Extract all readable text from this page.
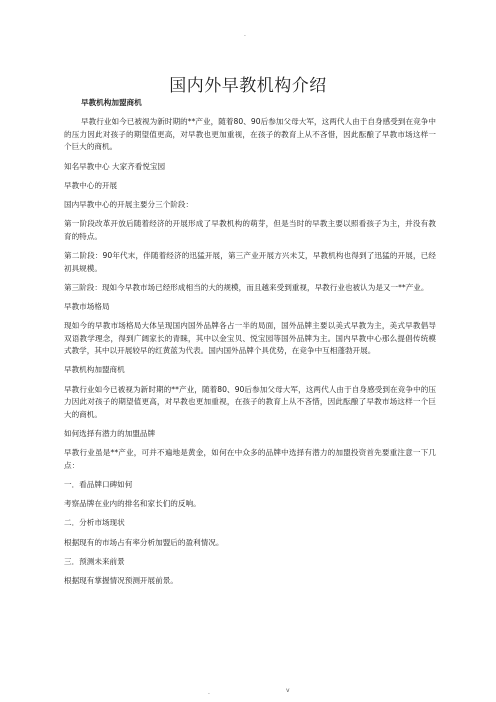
.
国内外早教机构介绍

早教机构加盟商机

早教行业如今已被视为新时期的**产业，随着80、90后参加父母大军，这两代人由于自身感受到在竞争中的压力因此对孩子的期望值更高，对早教也更加重视，在孩子的教育上从不吝惜，因此酝酿了早教市场这样一个巨大的商机。

知名早教中心 大家齐看悦宝园

早教中心的开展

国内早教中心的开展主要分三个阶段：

第一阶段改革开放后随着经济的开展形成了早教机构的萌芽，但是当时的早教主要以照看孩子为主，并没有教育的特点。

第二阶段：90年代末，伴随着经济的迅猛开展，第三产业开展方兴未艾，早教机构也得到了迅猛的开展，已经初具规模。

第三阶段：现如今早教市场已经形成相当的大的规模，而且越来受到重视，早教行业也被认为是又一**产业。

早教市场格局

现如今的早教市场格局大体呈现国内国外品牌各占一半的局面，国外品牌主要以美式早教为主，美式早教倡导双语教学理念，得到广阔家长的青睐，其中以金宝贝、悦宝园等国外品牌为主。国内早教中心那么提倡传统模式教学，其中以开展较早的红黄蓝为代表。国内国外品牌个具优势，在竞争中互相蓬勃开展。

早教机构加盟商机

早教行业如今已被视为新时期的**产业，随着80、90后参加父母大军，这两代人由于自身感受到在竞争中的压力因此对孩子的期望值更高，对早教也更加重视，在孩子的教育上从不吝惜，因此酝酿了早教市场这样一个巨大的商机。

如何选择有潜力的加盟品牌

早教行业虽是**产业，可并不遍地是黄金，如何在中众多的品牌中选择有潜力的加盟投资首先要重注意一下几点：

一．看品牌口碑如何

考察品牌在业内的排名和家长们的反响。

二．分析市场现状

根据现有的市场占有率分析加盟后的盈利情况。

三．预测未来前景

根据现有掌握情况预测开展前景。

.	v
